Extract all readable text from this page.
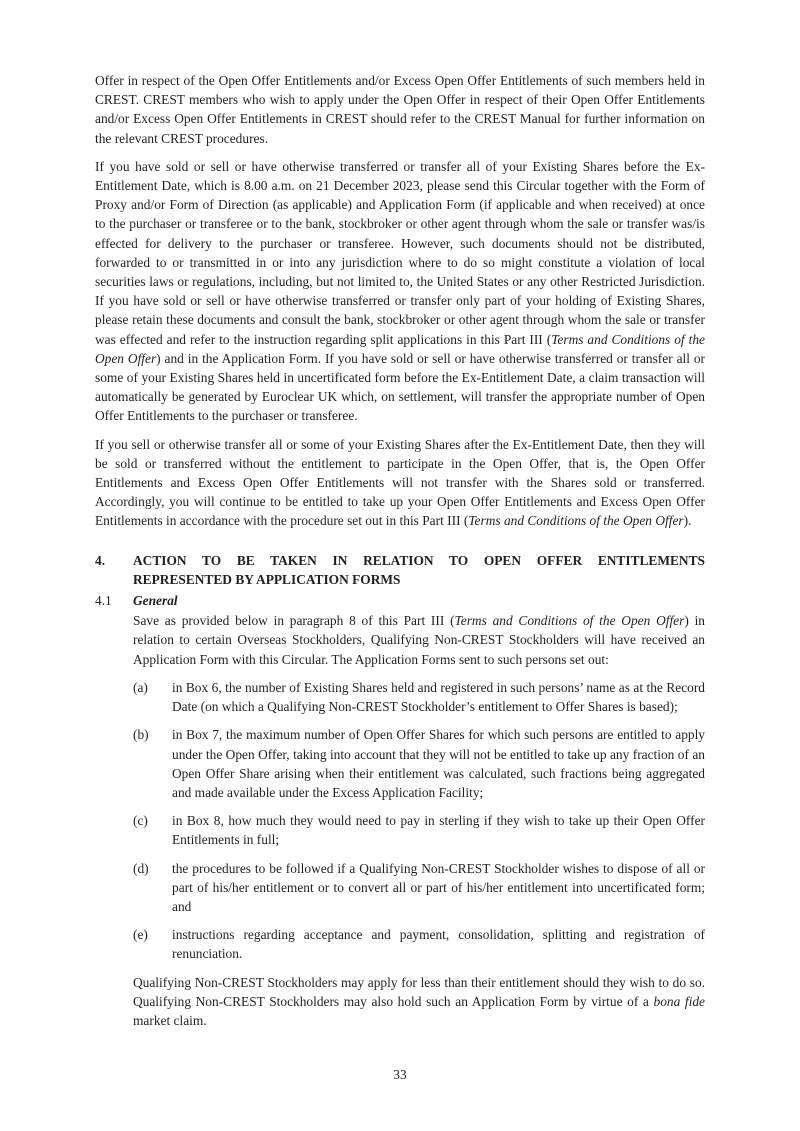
Offer in respect of the Open Offer Entitlements and/or Excess Open Offer Entitlements of such members held in CREST. CREST members who wish to apply under the Open Offer in respect of their Open Offer Entitlements and/or Excess Open Offer Entitlements in CREST should refer to the CREST Manual for further information on the relevant CREST procedures.

If you have sold or sell or have otherwise transferred or transfer all of your Existing Shares before the Ex-Entitlement Date, which is 8.00 a.m. on 21 December 2023, please send this Circular together with the Form of Proxy and/or Form of Direction (as applicable) and Application Form (if applicable and when received) at once to the purchaser or transferee or to the bank, stockbroker or other agent through whom the sale or transfer was/is effected for delivery to the purchaser or transferee. However, such documents should not be distributed, forwarded to or transmitted in or into any jurisdiction where to do so might constitute a violation of local securities laws or regulations, including, but not limited to, the United States or any other Restricted Jurisdiction. If you have sold or sell or have otherwise transferred or transfer only part of your holding of Existing Shares, please retain these documents and consult the bank, stockbroker or other agent through whom the sale or transfer was effected and refer to the instruction regarding split applications in this Part III (Terms and Conditions of the Open Offer) and in the Application Form. If you have sold or sell or have otherwise transferred or transfer all or some of your Existing Shares held in uncertificated form before the Ex-Entitlement Date, a claim transaction will automatically be generated by Euroclear UK which, on settlement, will transfer the appropriate number of Open Offer Entitlements to the purchaser or transferee.

If you sell or otherwise transfer all or some of your Existing Shares after the Ex-Entitlement Date, then they will be sold or transferred without the entitlement to participate in the Open Offer, that is, the Open Offer Entitlements and Excess Open Offer Entitlements will not transfer with the Shares sold or transferred. Accordingly, you will continue to be entitled to take up your Open Offer Entitlements and Excess Open Offer Entitlements in accordance with the procedure set out in this Part III (Terms and Conditions of the Open Offer).

4.	ACTION TO BE TAKEN IN RELATION TO OPEN OFFER ENTITLEMENTS
REPRESENTED BY APPLICATION FORMS
4.1	General

Save as provided below in paragraph 8 of this Part III (Terms and Conditions of the Open Offer) in relation to certain Overseas Stockholders, Qualifying Non-CREST Stockholders will have received an Application Form with this Circular. The Application Forms sent to such persons set out:

(a)	in Box 6, the number of Existing Shares held and registered in such persons’ name as at the Record Date (on which a Qualifying Non-CREST Stockholder’s entitlement to Offer Shares is based);
(b)	in Box 7, the maximum number of Open Offer Shares for which such persons are entitled to apply under the Open Offer, taking into account that they will not be entitled to take up any fraction of an Open Offer Share arising when their entitlement was calculated, such fractions being aggregated and made available under the Excess Application Facility;
(c)	in Box 8, how much they would need to pay in sterling if they wish to take up their Open Offer Entitlements in full;
(d)	the procedures to be followed if a Qualifying Non-CREST Stockholder wishes to dispose of all or part of his/her entitlement or to convert all or part of his/her entitlement into uncertificated form; and
(e)	instructions regarding acceptance and payment, consolidation, splitting and registration of renunciation.

Qualifying Non-CREST Stockholders may apply for less than their entitlement should they wish to do so. Qualifying Non-CREST Stockholders may also hold such an Application Form by virtue of a bona fide market claim.

33
